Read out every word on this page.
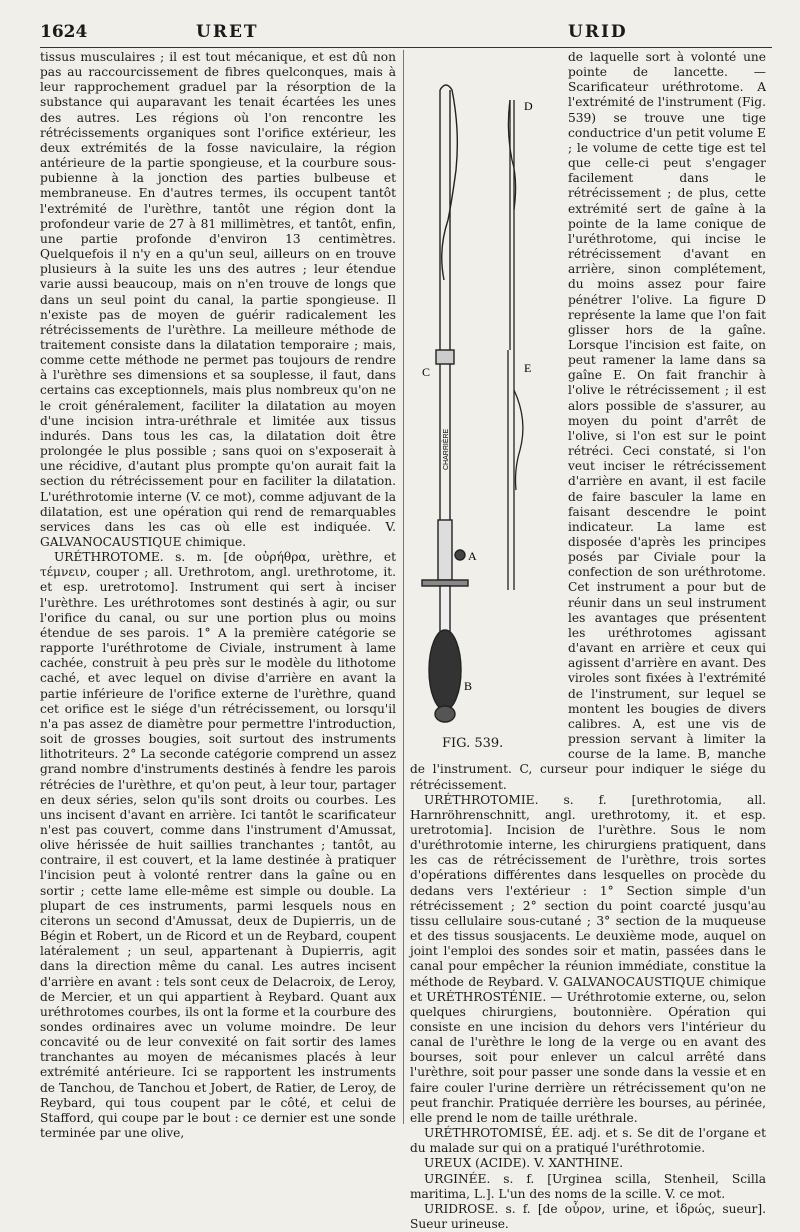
1624	URET	URID

tissus musculaires ; il est tout mécanique, et est dû non pas au raccourcissement de fibres quelconques, mais à leur rapprochement graduel par la résorption de la substance qui auparavant les tenait écartées les unes des autres. Les régions où l'on rencontre les rétrécissements organiques sont l'orifice extérieur, les deux extrémités de la fosse naviculaire, la région antérieure de la partie spongieuse, et la courbure sous-pubienne à la jonction des parties bulbeuse et membraneuse. En d'autres termes, ils occupent tantôt l'extrémité de l'urèthre, tantôt une région dont la profondeur varie de 27 à 81 millimètres, et tantôt, enfin, une partie profonde d'environ 13 centimètres. Quelquefois il n'y en a qu'un seul, ailleurs on en trouve plusieurs à la suite les uns des autres ; leur étendue varie aussi beaucoup, mais on n'en trouve de longs que dans un seul point du canal, la partie spongieuse. Il n'existe pas de moyen de guérir radicalement les rétrécissements de l'urèthre. La meilleure méthode de traitement consiste dans la dilatation temporaire ; mais, comme cette méthode ne permet pas toujours de rendre à l'urèthre ses dimensions et sa souplesse, il faut, dans certains cas exceptionnels, mais plus nombreux qu'on ne le croit généralement, faciliter la dilatation au moyen d'une incision intra-uréthrale et limitée aux tissus indurés. Dans tous les cas, la dilatation doit être prolongée le plus possible ; sans quoi on s'exposerait à une récidive, d'autant plus prompte qu'on aurait fait la section du rétrécissement pour en faciliter la dilatation. L'uréthrotomie interne (V. ce mot), comme adjuvant de la dilatation, est une opération qui rend de remarquables services dans les cas où elle est indiquée. V. GALVANOCAUSTIQUE chimique.

URÉTHROTOME. s. m. [de οὐρήθρα, urèthre, et τέμνειν, couper ; all. Urethrotom, angl. urethrotome, it. et esp. uretrotomo]. Instrument qui sert à inciser l'urèthre. Les uréthrotomes sont destinés à agir, ou sur l'orifice du canal, ou sur une portion plus ou moins étendue de ses parois. 1° A la première catégorie se rapporte l'uréthrotome de Civiale, instrument à lame cachée, construit à peu près sur le modèle du lithotome caché, et avec lequel on divise d'arrière en avant la partie inférieure de l'orifice externe de l'urèthre, quand cet orifice est le siége d'un rétrécissement, ou lorsqu'il n'a pas assez de diamètre pour permettre l'introduction, soit de grosses bougies, soit surtout des instruments lithotriteurs. 2° La seconde catégorie comprend un assez grand nombre d'instruments destinés à fendre les parois rétrécies de l'urèthre, et qu'on peut, à leur tour, partager en deux séries, selon qu'ils sont droits ou courbes. Les uns incisent d'avant en arrière. Ici tantôt le scarificateur n'est pas couvert, comme dans l'instrument d'Amussat, olive hérissée de huit saillies tranchantes ; tantôt, au contraire, il est couvert, et la lame destinée à pratiquer l'incision peut à volonté rentrer dans la gaîne ou en sortir ; cette lame elle-même est simple ou double. La plupart de ces instruments, parmi lesquels nous en citerons un second d'Amussat, deux de Dupierris, un de Bégin et Robert, un de Ricord et un de Reybard, coupent latéralement ; un seul, appartenant à Dupierris, agit dans la direction même du canal. Les autres incisent d'arrière en avant : tels sont ceux de Delacroix, de Leroy, de Mercier, et un qui appartient à Reybard. Quant aux uréthrotomes courbes, ils ont la forme et la courbure des sondes ordinaires avec un volume moindre. De leur concavité ou de leur convexité on fait sortir des lames tranchantes au moyen de mécanismes placés à leur extrémité antérieure. Ici se rapportent les instruments de Tanchou, de Tanchou et Jobert, de Ratier, de Leroy, de Reybard, qui tous coupent par le côté, et celui de Stafford, qui coupe par le bout : ce dernier est une sonde terminée par une olive,

C
D
E
A
B
CHARRIÈRE
FIG. 539.

de laquelle sort à volonté une pointe de lancette. — Scarificateur uréthrotome. A l'extrémité de l'instrument (Fig. 539) se trouve une tige conductrice d'un petit volume E ; le volume de cette tige est tel que celle-ci peut s'engager facilement dans le rétrécissement ; de plus, cette extrémité sert de gaîne à la pointe de la lame conique de l'uréthrotome, qui incise le rétrécissement d'avant en arrière, sinon complétement, du moins assez pour faire pénétrer l'olive. La figure D représente la lame que l'on fait glisser hors de la gaîne. Lorsque l'incision est faite, on peut ramener la lame dans sa gaîne E. On fait franchir à l'olive le rétrécissement ; il est alors possible de s'assurer, au moyen du point d'arrêt de l'olive, si l'on est sur le point rétréci. Ceci constaté, si l'on veut inciser le rétrécissement d'arrière en avant, il est facile de faire basculer la lame en faisant descendre le point indicateur. La lame est disposée d'après les principes posés par Civiale pour la confection de son uréthrotome. Cet instrument a pour but de réunir dans un seul instrument les avantages que présentent les uréthrotomes agissant d'avant en arrière et ceux qui agissent d'arrière en avant. Des viroles sont fixées à l'extrémité de l'instrument, sur lequel se montent les bougies de divers calibres. A, est une vis de pression servant à limiter la course de la lame. B, manche de l'instrument. C, curseur pour indiquer le siége du rétrécissement.

URÉTHROTOMIE. s. f. [urethrotomia, all. Harnröhrenschnitt, angl. urethrotomy, it. et esp. uretrotomia]. Incision de l'urèthre. Sous le nom d'uréthrotomie interne, les chirurgiens pratiquent, dans les cas de rétrécissement de l'urèthre, trois sortes d'opérations différentes dans lesquelles on procède du dedans vers l'extérieur : 1° Section simple d'un rétrécissement ; 2° section du point coarcté jusqu'au tissu cellulaire sous-cutané ; 3° section de la muqueuse et des tissus sousjacents. Le deuxième mode, auquel on joint l'emploi des sondes soir et matin, passées dans le canal pour empêcher la réunion immédiate, constitue la méthode de Reybard. V. GALVANOCAUSTIQUE chimique et URÉTHROSTÉNIE. — Uréthrotomie externe, ou, selon quelques chirurgiens, boutonnière. Opération qui consiste en une incision du dehors vers l'intérieur du canal de l'urèthre le long de la verge ou en avant des bourses, soit pour enlever un calcul arrêté dans l'urèthre, soit pour passer une sonde dans la vessie et en faire couler l'urine derrière un rétrécissement qu'on ne peut franchir. Pratiquée derrière les bourses, au périnée, elle prend le nom de taille uréthrale.

URÉTHROTOMISÉ, ÉE. adj. et s. Se dit de l'organe et du malade sur qui on a pratiqué l'uréthrotomie.

UREUX (ACIDE). V. XANTHINE.

URGINÉE. s. f. [Urginea scilla, Stenheil, Scilla maritima, L.]. L'un des noms de la scille. V. ce mot.

URIDROSE. s. f. [de οὖρον, urine, et ἱδρώς, sueur]. Sueur urineuse.
